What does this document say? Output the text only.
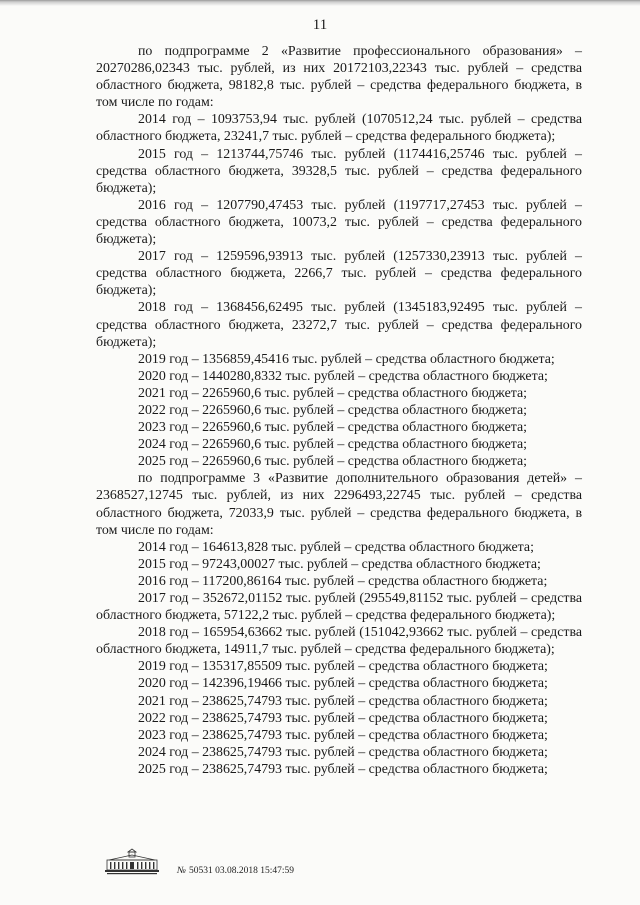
11

по подпрограмме 2 «Развитие профессионального образования» – 20270286,02343 тыс. рублей, из них 20172103,22343 тыс. рублей – средства областного бюджета, 98182,8 тыс. рублей – средства федерального бюджета, в том числе по годам:

2014 год – 1093753,94 тыс. рублей (1070512,24 тыс. рублей – средства областного бюджета, 23241,7 тыс. рублей – средства федерального бюджета);

2015 год – 1213744,75746 тыс. рублей (1174416,25746 тыс. рублей – средства областного бюджета, 39328,5 тыс. рублей – средства федерального бюджета);

2016 год – 1207790,47453 тыс. рублей (1197717,27453 тыс. рублей – средства областного бюджета, 10073,2 тыс. рублей – средства федерального бюджета);

2017 год – 1259596,93913 тыс. рублей (1257330,23913 тыс. рублей – средства областного бюджета, 2266,7 тыс. рублей – средства федерального бюджета);

2018 год – 1368456,62495 тыс. рублей (1345183,92495 тыс. рублей – средства областного бюджета, 23272,7 тыс. рублей – средства федерального бюджета);

2019 год – 1356859,45416 тыс. рублей – средства областного бюджета;

2020 год – 1440280,8332 тыс. рублей – средства областного бюджета;

2021 год – 2265960,6 тыс. рублей – средства областного бюджета;

2022 год – 2265960,6 тыс. рублей – средства областного бюджета;

2023 год – 2265960,6 тыс. рублей – средства областного бюджета;

2024 год – 2265960,6 тыс. рублей – средства областного бюджета;

2025 год – 2265960,6 тыс. рублей – средства областного бюджета;

по подпрограмме 3 «Развитие дополнительного образования детей» – 2368527,12745 тыс. рублей, из них 2296493,22745 тыс. рублей – средства областного бюджета, 72033,9 тыс. рублей – средства федерального бюджета, в том числе по годам:

2014 год – 164613,828 тыс. рублей – средства областного бюджета;

2015 год – 97243,00027 тыс. рублей – средства областного бюджета;

2016 год – 117200,86164 тыс. рублей – средства областного бюджета;

2017 год – 352672,01152 тыс. рублей (295549,81152 тыс. рублей – средства областного бюджета, 57122,2 тыс. рублей – средства федерального бюджета);

2018 год – 165954,63662 тыс. рублей (151042,93662 тыс. рублей – средства областного бюджета, 14911,7 тыс. рублей – средства федерального бюджета);

2019 год – 135317,85509 тыс. рублей – средства областного бюджета;

2020 год – 142396,19466 тыс. рублей – средства областного бюджета;

2021 год – 238625,74793 тыс. рублей – средства областного бюджета;

2022 год – 238625,74793 тыс. рублей – средства областного бюджета;

2023 год – 238625,74793 тыс. рублей – средства областного бюджета;

2024 год – 238625,74793 тыс. рублей – средства областного бюджета;

2025 год – 238625,74793 тыс. рублей – средства областного бюджета;

№ 50531 03.08.2018 15:47:59
